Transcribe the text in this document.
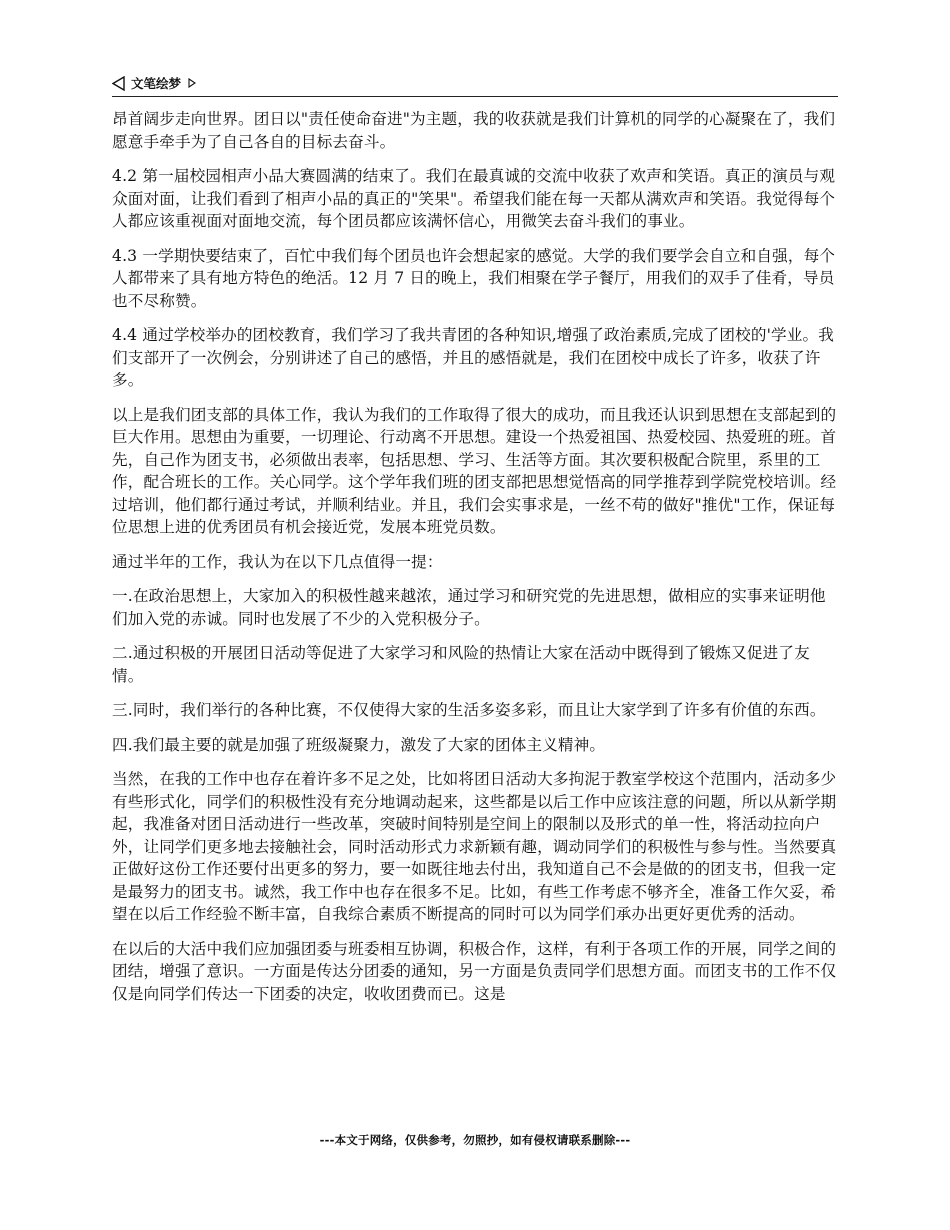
文笔绘梦

昂首阔步走向世界。团日以"责任使命奋进"为主题，我的收获就是我们计算机的同学的心凝聚在了，我们愿意手牵手为了自己各自的目标去奋斗。

4.2 第一届校园相声小品大赛圆满的结束了。我们在最真诚的交流中收获了欢声和笑语。真正的演员与观众面对面，让我们看到了相声小品的真正的"笑果"。希望我们能在每一天都从满欢声和笑语。我觉得每个人都应该重视面对面地交流，每个团员都应该满怀信心，用微笑去奋斗我们的事业。

4.3 一学期快要结束了，百忙中我们每个团员也许会想起家的感觉。大学的我们要学会自立和自强，每个人都带来了具有地方特色的绝活。12 月 7 日的晚上，我们相聚在学子餐厅，用我们的双手了佳肴，导员也不尽称赞。

4.4 通过学校举办的团校教育，我们学习了我共青团的各种知识,增强了政治素质,完成了团校的'学业。我们支部开了一次例会，分别讲述了自己的感悟，并且的感悟就是，我们在团校中成长了许多，收获了许多。

以上是我们团支部的具体工作，我认为我们的工作取得了很大的成功，而且我还认识到思想在支部起到的巨大作用。思想由为重要，一切理论、行动离不开思想。建设一个热爱祖国、热爱校园、热爱班的班。首先，自己作为团支书，必须做出表率，包括思想、学习、生活等方面。其次要积极配合院里，系里的工作，配合班长的工作。关心同学。这个学年我们班的团支部把思想觉悟高的同学推荐到学院党校培训。经过培训，他们都行通过考试，并顺利结业。并且，我们会实事求是，一丝不苟的做好"推优"工作，保证每位思想上进的优秀团员有机会接近党，发展本班党员数。

通过半年的工作，我认为在以下几点值得一提：

一.在政治思想上，大家加入的积极性越来越浓，通过学习和研究党的先进思想，做相应的实事来证明他们加入党的赤诚。同时也发展了不少的入党积极分子。

二.通过积极的开展团日活动等促进了大家学习和风险的热情让大家在活动中既得到了锻炼又促进了友情。

三.同时，我们举行的各种比赛，不仅使得大家的生活多姿多彩，而且让大家学到了许多有价值的东西。

四.我们最主要的就是加强了班级凝聚力，激发了大家的团体主义精神。

当然，在我的工作中也存在着许多不足之处，比如将团日活动大多拘泥于教室学校这个范围内，活动多少有些形式化，同学们的积极性没有充分地调动起来，这些都是以后工作中应该注意的问题，所以从新学期起，我准备对团日活动进行一些改革，突破时间特别是空间上的限制以及形式的单一性，将活动拉向户外，让同学们更多地去接触社会，同时活动形式力求新颖有趣，调动同学们的积极性与参与性。当然要真正做好这份工作还要付出更多的努力，要一如既往地去付出，我知道自己不会是做的的团支书，但我一定是最努力的团支书。诚然，我工作中也存在很多不足。比如，有些工作考虑不够齐全，准备工作欠妥，希望在以后工作经验不断丰富，自我综合素质不断提高的同时可以为同学们承办出更好更优秀的活动。

在以后的大活中我们应加强团委与班委相互协调，积极合作，这样，有利于各项工作的开展，同学之间的团结，增强了意识。一方面是传达分团委的通知，另一方面是负责同学们思想方面。而团支书的工作不仅仅是向同学们传达一下团委的决定，收收团费而已。这是

---本文于网络，仅供参考，勿照抄，如有侵权请联系删除---
